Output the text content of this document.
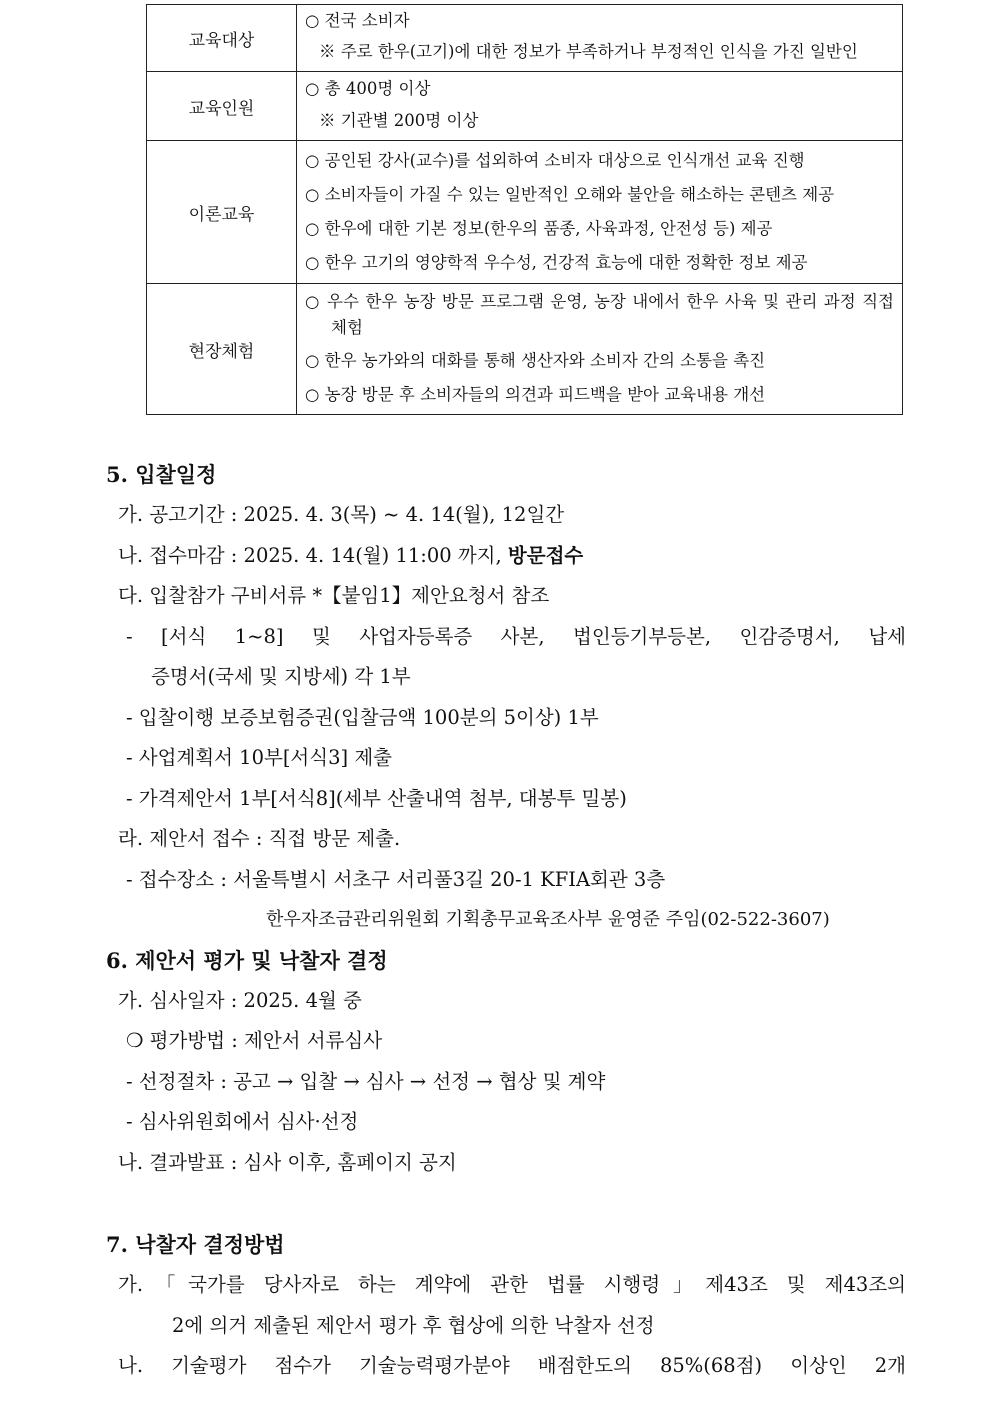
교육대상	○ 전국 소비자
※ 주로 한우(고기)에 대한 정보가 부족하거나 부정적인 인식을 가진 일반인

교육인원	○ 총 400명 이상
※ 기관별 200명 이상

이론교육	○ 공인된 강사(교수)를 섭외하여 소비자 대상으로 인식개선 교육 진행
○ 소비자들이 가질 수 있는 일반적인 오해와 불안을 해소하는 콘텐츠 제공
○ 한우에 대한 기본 정보(한우의 품종, 사육과정, 안전성 등) 제공
○ 한우 고기의 영양학적 우수성, 건강적 효능에 대한 정확한 정보 제공

현장체험	○ 우수 한우 농장 방문 프로그램 운영, 농장 내에서 한우 사육 및 관리 과정 직접 체험
○ 한우 농가와의 대화를 통해 생산자와 소비자 간의 소통을 촉진
○ 농장 방문 후 소비자들의 의견과 피드백을 받아 교육내용 개선
5. 입찰일정
가. 공고기간 : 2025. 4. 3(목) ~ 4. 14(월), 12일간
나. 접수마감 : 2025. 4. 14(월) 11:00 까지, 방문접수
다. 입찰참가 구비서류 *【붙임1】제안요청서 참조
- [서식 1~8] 및 사업자등록증 사본, 법인등기부등본, 인감증명서, 납세
증명서(국세 및 지방세) 각 1부
- 입찰이행 보증보험증권(입찰금액 100분의 5이상) 1부
- 사업계획서 10부[서식3] 제출
- 가격제안서 1부[서식8](세부 산출내역 첨부, 대봉투 밀봉)
라. 제안서 접수 : 직접 방문 제출.
- 접수장소 : 서울특별시 서초구 서리풀3길 20-1 KFIA회관 3층
한우자조금관리위원회 기획총무교육조사부 윤영준 주임(02-522-3607)
6. 제안서 평가 및 낙찰자 결정
가. 심사일자 : 2025. 4월 중
❍ 평가방법 : 제안서 서류심사
- 선정절차 : 공고 → 입찰 → 심사 → 선정 → 협상 및 계약
- 심사위원회에서 심사·선정
나. 결과발표 : 심사 이후, 홈페이지 공지
7. 낙찰자 결정방법
가.「국가를 당사자로 하는 계약에 관한 법률 시행령」제43조 및 제43조의
2에 의거 제출된 제안서 평가 후 협상에 의한 낙찰자 선정
나. 기술평가 점수가 기술능력평가분야 배점한도의 85%(68점) 이상인 2개
